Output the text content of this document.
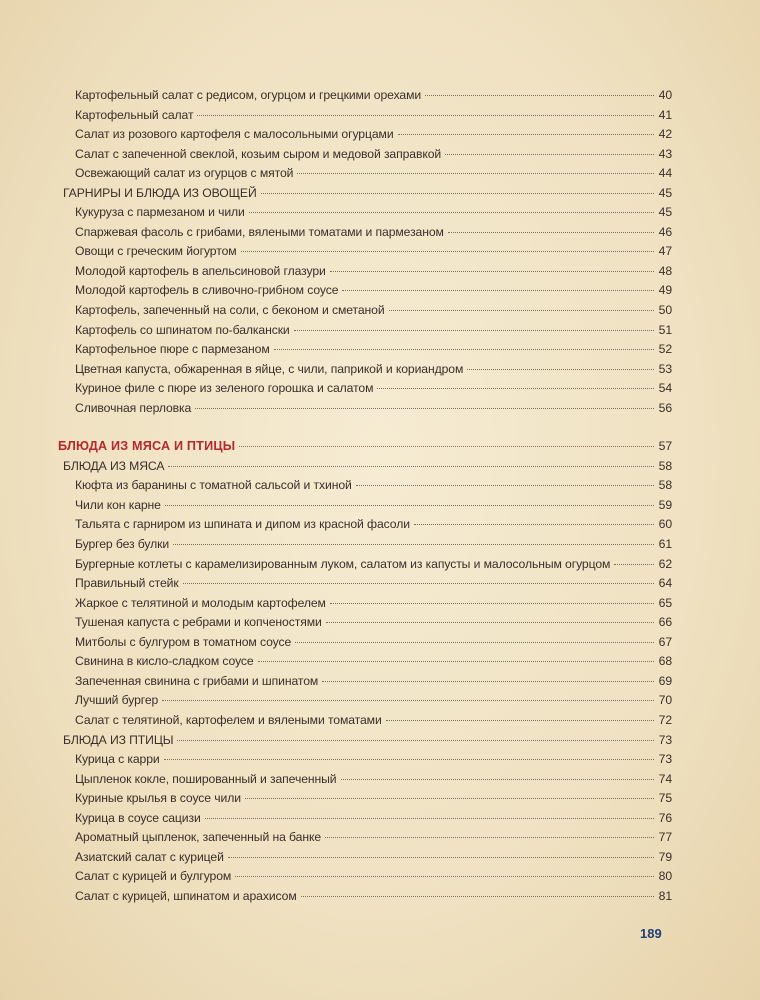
Картофельный салат с редисом, огурцом и грецкими орехами	40
Картофельный салат	41
Салат из розового картофеля с малосольными огурцами	42
Салат с запеченной свеклой, козьим сыром и медовой заправкой	43
Освежающий салат из огурцов с мятой	44
ГАРНИРЫ И БЛЮДА ИЗ ОВОЩЕЙ	45
Кукуруза с пармезаном и чили	45
Спаржевая фасоль с грибами, вялеными томатами и пармезаном	46
Овощи с греческим йогуртом	47
Молодой картофель в апельсиновой глазури	48
Молодой картофель в сливочно-грибном соусе	49
Картофель, запеченный на соли, с беконом и сметаной	50
Картофель со шпинатом по-балкански	51
Картофельное пюре с пармезаном	52
Цветная капуста, обжаренная в яйце, с чили, паприкой и кориандром	53
Куриное филе с пюре из зеленого горошка и салатом	54
Сливочная перловка	56
БЛЮДА ИЗ МЯСА И ПТИЦЫ	57
БЛЮДА ИЗ МЯСА	58
Кюфта из баранины с томатной сальсой и тхиной	58
Чили кон карне	59
Тальята с гарниром из шпината и дипом из красной фасоли	60
Бургер без булки	61
Бургерные котлеты с карамелизированным луком, салатом из капусты и малосольным огурцом	62
Правильный стейк	64
Жаркое с телятиной и молодым картофелем	65
Тушеная капуста с ребрами и копченостями	66
Митболы с булгуром в томатном соусе	67
Свинина в кисло-сладком соусе	68
Запеченная свинина с грибами и шпинатом	69
Лучший бургер	70
Салат с телятиной, картофелем и вялеными томатами	72
БЛЮДА ИЗ ПТИЦЫ	73
Курица с карри	73
Цыпленок кокле, пошированный и запеченный	74
Куриные крылья в соусе чили	75
Курица в соусе сацизи	76
Ароматный цыпленок, запеченный на банке	77
Азиатский салат с курицей	79
Салат с курицей и булгуром	80
Салат с курицей, шпинатом и арахисом	81
189
